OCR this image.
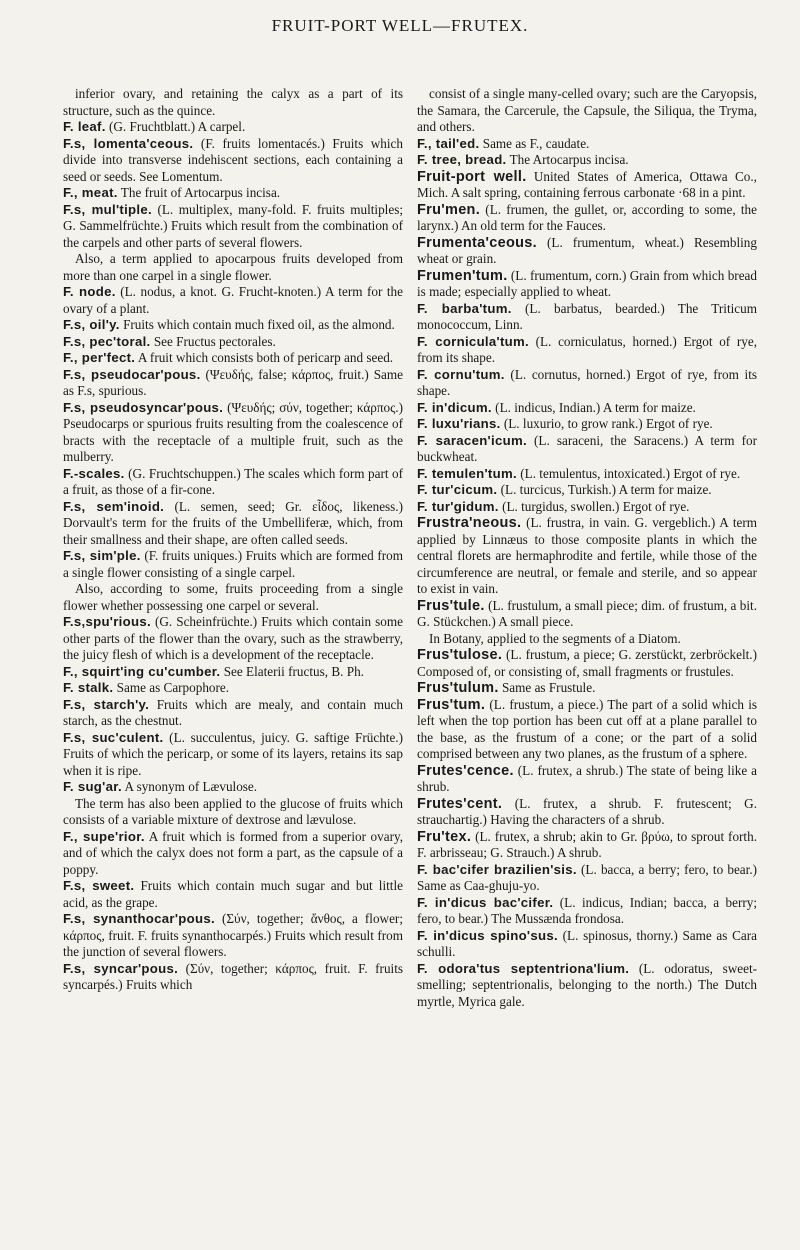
FRUIT-PORT WELL—FRUTEX.

inferior ovary, and retaining the calyx as a part of its structure, such as the quince.

F. leaf. (G. Fruchtblatt.) A carpel.

F.s, lomenta'ceous. (F. fruits lomentacés.) Fruits which divide into transverse indehiscent sections, each containing a seed or seeds. See Lomentum.

F., meat. The fruit of Artocarpus incisa.

F.s, mul'tiple. (L. multiplex, many-fold. F. fruits multiples; G. Sammelfrüchte.) Fruits which result from the combination of the carpels and other parts of several flowers.

Also, a term applied to apocarpous fruits developed from more than one carpel in a single flower.

F. node. (L. nodus, a knot. G. Frucht-knoten.) A term for the ovary of a plant.

F.s, oil'y. Fruits which contain much fixed oil, as the almond.

F.s, pec'toral. See Fructus pectorales.

F., per'fect. A fruit which consists both of pericarp and seed.

F.s, pseudocar'pous. (Ψευδής, false; κάρπος, fruit.) Same as F.s, spurious.

F.s, pseudosyncar'pous. (Ψευδής; σύν, together; κάρπος.) Pseudocarps or spurious fruits resulting from the coalescence of bracts with the receptacle of a multiple fruit, such as the mulberry.

F.-scales. (G. Fruchtschuppen.) The scales which form part of a fruit, as those of a fir-cone.

F.s, sem'inoid. (L. semen, seed; Gr. εἶδος, likeness.) Dorvault's term for the fruits of the Umbelliferæ, which, from their smallness and their shape, are often called seeds.

F.s, sim'ple. (F. fruits uniques.) Fruits which are formed from a single flower consisting of a single carpel.

Also, according to some, fruits proceeding from a single flower whether possessing one carpel or several.

F.s,spu'rious. (G. Scheinfrüchte.) Fruits which contain some other parts of the flower than the ovary, such as the strawberry, the juicy flesh of which is a development of the receptacle.

F., squirt'ing cu'cumber. See Elaterii fructus, B. Ph.

F. stalk. Same as Carpophore.

F.s, starch'y. Fruits which are mealy, and contain much starch, as the chestnut.

F.s, suc'culent. (L. succulentus, juicy. G. saftige Früchte.) Fruits of which the pericarp, or some of its layers, retains its sap when it is ripe.

F. sug'ar. A synonym of Lævulose.

The term has also been applied to the glucose of fruits which consists of a variable mixture of dextrose and lævulose.

F., supe'rior. A fruit which is formed from a superior ovary, and of which the calyx does not form a part, as the capsule of a poppy.

F.s, sweet. Fruits which contain much sugar and but little acid, as the grape.

F.s, synanthocar'pous. (Σύν, together; ἄνθος, a flower; κάρπος, fruit. F. fruits synanthocarpés.) Fruits which result from the junction of several flowers.

F.s, syncar'pous. (Σύν, together; κάρπος, fruit. F. fruits syncarpés.) Fruits which

consist of a single many-celled ovary; such are the Caryopsis, the Samara, the Carcerule, the Capsule, the Siliqua, the Tryma, and others.

F., tail'ed. Same as F., caudate.

F. tree, bread. The Artocarpus incisa.

Fruit-port well. United States of America, Ottawa Co., Mich. A salt spring, containing ferrous carbonate ·68 in a pint.

Fru'men. (L. frumen, the gullet, or, according to some, the larynx.) An old term for the Fauces.

Frumenta'ceous. (L. frumentum, wheat.) Resembling wheat or grain.

Frumen'tum. (L. frumentum, corn.) Grain from which bread is made; especially applied to wheat.

F. barba'tum. (L. barbatus, bearded.) The Triticum monococcum, Linn.

F. cornicula'tum. (L. corniculatus, horned.) Ergot of rye, from its shape.

F. cornu'tum. (L. cornutus, horned.) Ergot of rye, from its shape.

F. in'dicum. (L. indicus, Indian.) A term for maize.

F. luxu'rians. (L. luxurio, to grow rank.) Ergot of rye.

F. saracen'icum. (L. saraceni, the Saracens.) A term for buckwheat.

F. temulen'tum. (L. temulentus, intoxicated.) Ergot of rye.

F. tur'cicum. (L. turcicus, Turkish.) A term for maize.

F. tur'gidum. (L. turgidus, swollen.) Ergot of rye.

Frustra'neous. (L. frustra, in vain. G. vergeblich.) A term applied by Linnæus to those composite plants in which the central florets are hermaphrodite and fertile, while those of the circumference are neutral, or female and sterile, and so appear to exist in vain.

Frus'tule. (L. frustulum, a small piece; dim. of frustum, a bit. G. Stückchen.) A small piece.

In Botany, applied to the segments of a Diatom.

Frus'tulose. (L. frustum, a piece; G. zerstückt, zerbröckelt.) Composed of, or consisting of, small fragments or frustules.

Frus'tulum. Same as Frustule.

Frus'tum. (L. frustum, a piece.) The part of a solid which is left when the top portion has been cut off at a plane parallel to the base, as the frustum of a cone; or the part of a solid comprised between any two planes, as the frustum of a sphere.

Frutes'cence. (L. frutex, a shrub.) The state of being like a shrub.

Frutes'cent. (L. frutex, a shrub. F. frutescent; G. strauchartig.) Having the characters of a shrub.

Fru'tex. (L. frutex, a shrub; akin to Gr. βρύω, to sprout forth. F. arbrisseau; G. Strauch.) A shrub.

F. bac'cifer brazilien'sis. (L. bacca, a berry; fero, to bear.) Same as Caa-ghuju-yo.

F. in'dicus bac'cifer. (L. indicus, Indian; bacca, a berry; fero, to bear.) The Mussænda frondosa.

F. in'dicus spino'sus. (L. spinosus, thorny.) Same as Cara schulli.

F. odora'tus septentriona'lium. (L. odoratus, sweet-smelling; septentrionalis, belonging to the north.) The Dutch myrtle, Myrica gale.
